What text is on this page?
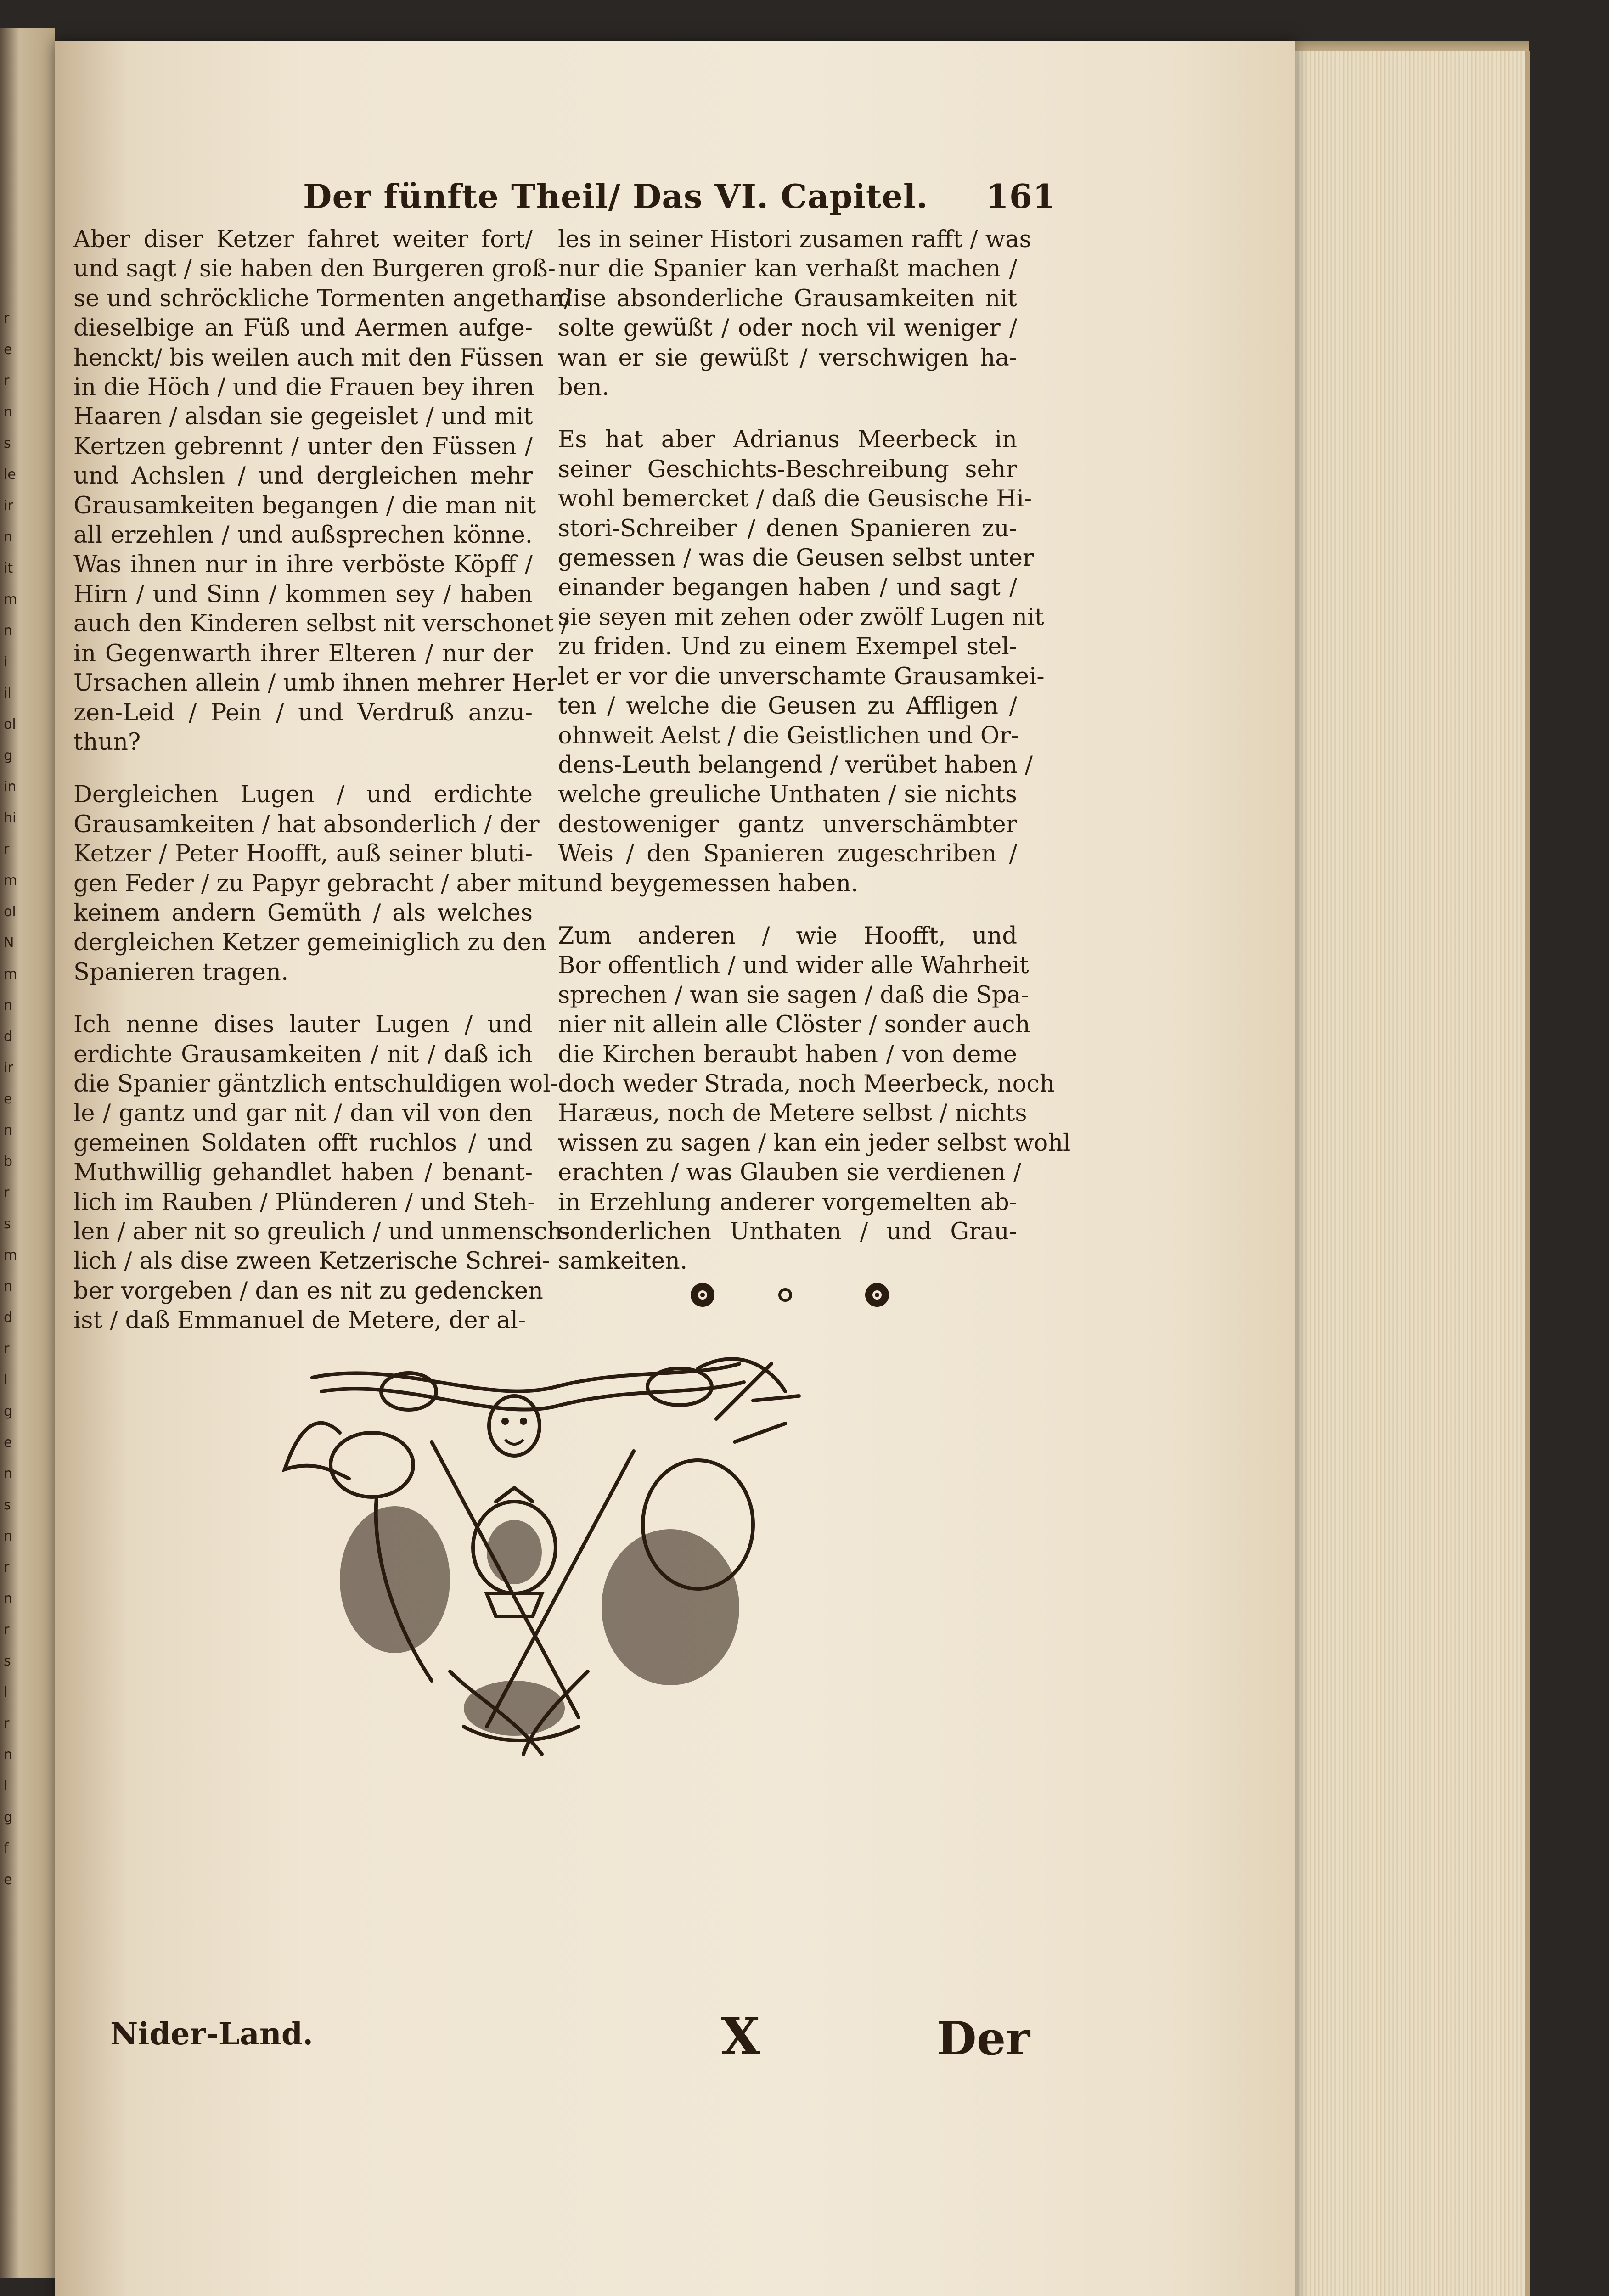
r
e
r
n
s
le
ir
n
it
m
n
i
il
ol
g
in
hi
r
m
ol
N
m
n
d
ir
e
n
b
r
s
m
n
d
r
l
g
e
n
s
n
r
n
r
s
l
r
n
l
g
f
e
Der fünfte Theil/ Das VI. Capitel. 161
Aber diser Ketzer fahret weiter fort/
und sagt / sie haben den Burgeren groß-
se und schröckliche Tormenten angethan/
dieselbige an Füß und Aermen aufge-
henckt/ bis weilen auch mit den Füssen
in die Höch / und die Frauen bey ihren
Haaren / alsdan sie gegeislet / und mit
Kertzen gebrennt / unter den Füssen /
und Achslen / und dergleichen mehr
Grausamkeiten begangen / die man nit
all erzehlen / und außsprechen könne.
Was ihnen nur in ihre verböste Köpff /
Hirn / und Sinn / kommen sey / haben
auch den Kinderen selbst nit verschonet /
in Gegenwarth ihrer Elteren / nur der
Ursachen allein / umb ihnen mehrer Her-
zen-Leid / Pein / und Verdruß anzu-
thun?
Dergleichen Lugen / und erdichte
Grausamkeiten / hat absonderlich / der
Ketzer / Peter Hoofft, auß seiner bluti-
gen Feder / zu Papyr gebracht / aber mit
keinem andern Gemüth / als welches
dergleichen Ketzer gemeiniglich zu den
Spanieren tragen.
Ich nenne dises lauter Lugen / und
erdichte Grausamkeiten / nit / daß ich
die Spanier gäntzlich entschuldigen wol-
le / gantz und gar nit / dan vil von den
gemeinen Soldaten offt ruchlos / und
Muthwillig gehandlet haben / benant-
lich im Rauben / Plünderen / und Steh-
len / aber nit so greulich / und unmensch-
lich / als dise zween Ketzerische Schrei-
ber vorgeben / dan es nit zu gedencken
ist / daß Emmanuel de Metere, der al-
les in seiner Histori zusamen rafft / was
nur die Spanier kan verhaßt machen /
dise absonderliche Grausamkeiten nit
solte gewüßt / oder noch vil weniger /
wan er sie gewüßt / verschwigen ha-
ben.
Es hat aber Adrianus Meerbeck in
seiner Geschichts-Beschreibung sehr
wohl bemercket / daß die Geusische Hi-
stori-Schreiber / denen Spanieren zu-
gemessen / was die Geusen selbst unter
einander begangen haben / und sagt /
sie seyen mit zehen oder zwölf Lugen nit
zu friden. Und zu einem Exempel stel-
let er vor die unverschamte Grausamkei-
ten / welche die Geusen zu Affligen /
ohnweit Aelst / die Geistlichen und Or-
dens-Leuth belangend / verübet haben /
welche greuliche Unthaten / sie nichts
destoweniger gantz unverschämbter
Weis / den Spanieren zugeschriben /
und beygemessen haben.
Zum anderen / wie Hoofft, und
Bor offentlich / und wider alle Wahrheit
sprechen / wan sie sagen / daß die Spa-
nier nit allein alle Clöster / sonder auch
die Kirchen beraubt haben / von deme
doch weder Strada, noch Meerbeck, noch
Haræus, noch de Metere selbst / nichts
wissen zu sagen / kan ein jeder selbst wohl
erachten / was Glauben sie verdienen /
in Erzehlung anderer vorgemelten ab-
sonderlichen Unthaten / und Grau-
samkeiten.
Nider-Land.	X	Der
